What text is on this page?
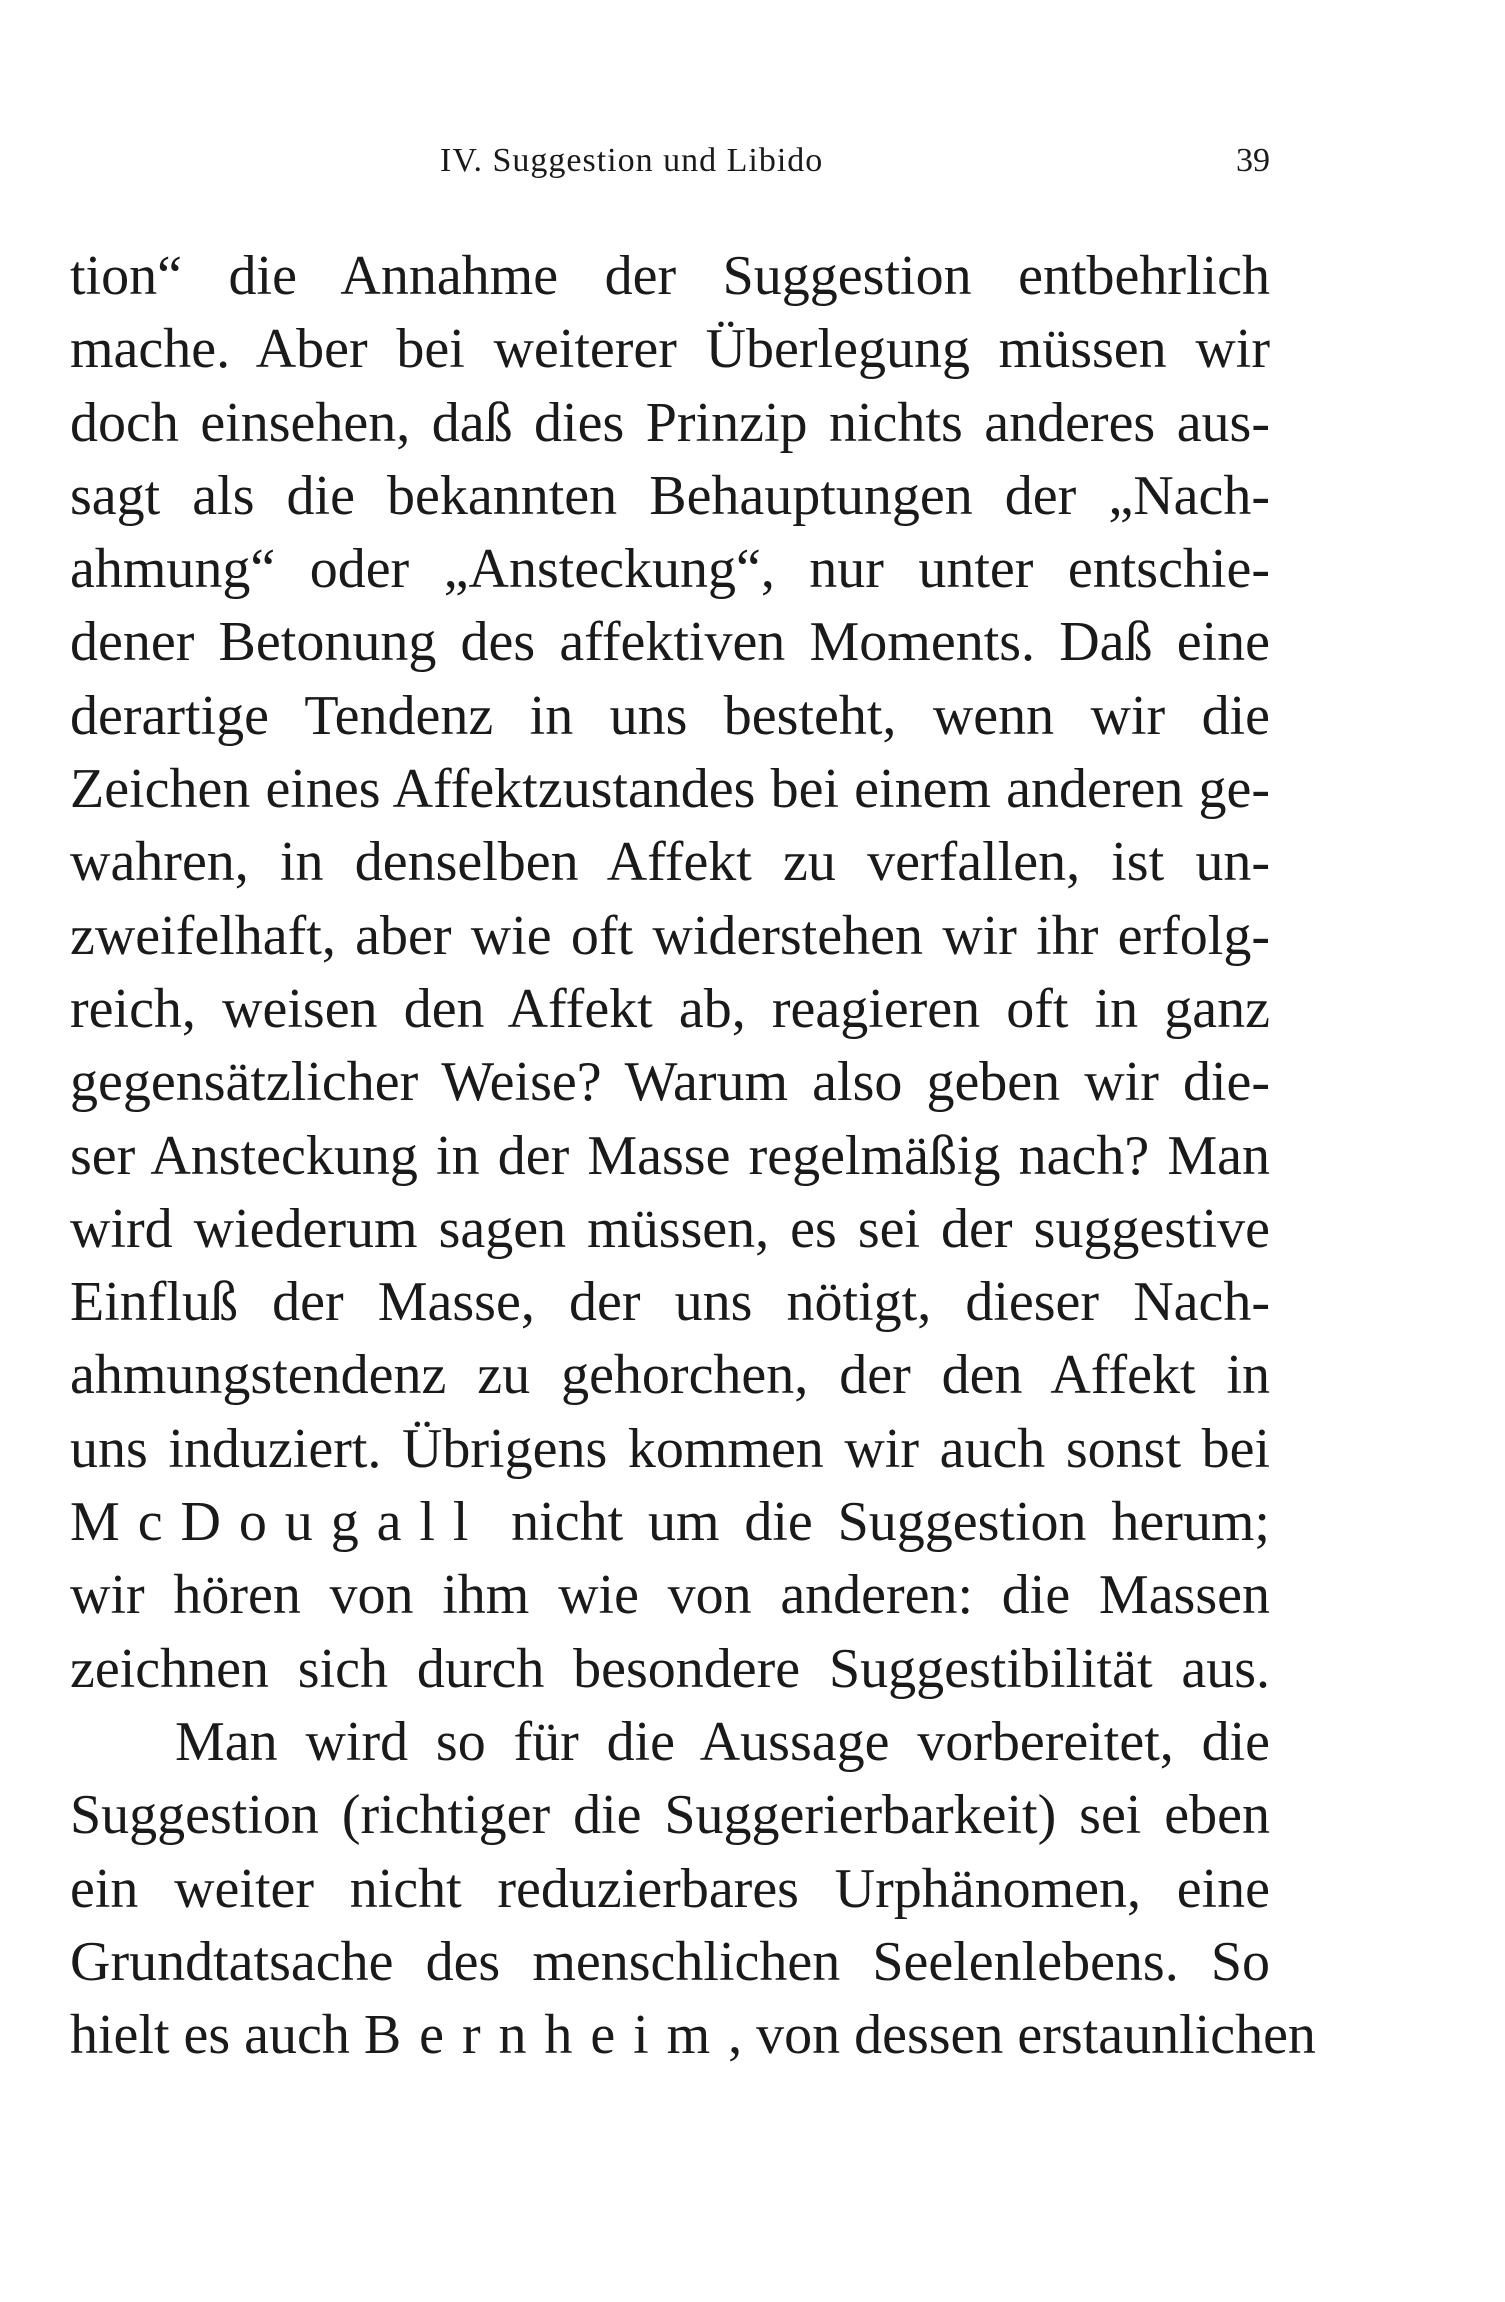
IV. Suggestion und Libido	39
tion“ die Annahme der Suggestion entbehrlich
mache. Aber bei weiterer Überlegung müssen wir
doch einsehen, daß dies Prinzip nichts anderes aus-
sagt als die bekannten Behauptungen der „Nach-
ahmung“ oder „Ansteckung“, nur unter entschie-
dener Betonung des affektiven Moments. Daß eine
derartige Tendenz in uns besteht, wenn wir die
Zeichen eines Affektzustandes bei einem anderen ge-
wahren, in denselben Affekt zu verfallen, ist un-
zweifelhaft, aber wie oft widerstehen wir ihr erfolg-
reich, weisen den Affekt ab, reagieren oft in ganz
gegensätzlicher Weise? Warum also geben wir die-
ser Ansteckung in der Masse regelmäßig nach? Man
wird wiederum sagen müssen, es sei der suggestive
Einfluß der Masse, der uns nötigt, dieser Nach-
ahmungstendenz zu gehorchen, der den Affekt in
uns induziert. Übrigens kommen wir auch sonst bei
McDougall nicht um die Suggestion herum;
wir hören von ihm wie von anderen: die Massen
zeichnen sich durch besondere Suggestibilität aus.
Man wird so für die Aussage vorbereitet, die
Suggestion (richtiger die Suggerierbarkeit) sei eben
ein weiter nicht reduzierbares Urphänomen, eine
Grundtatsache des menschlichen Seelenlebens. So
hielt es auch Bernheim, von dessen erstaunlichen
